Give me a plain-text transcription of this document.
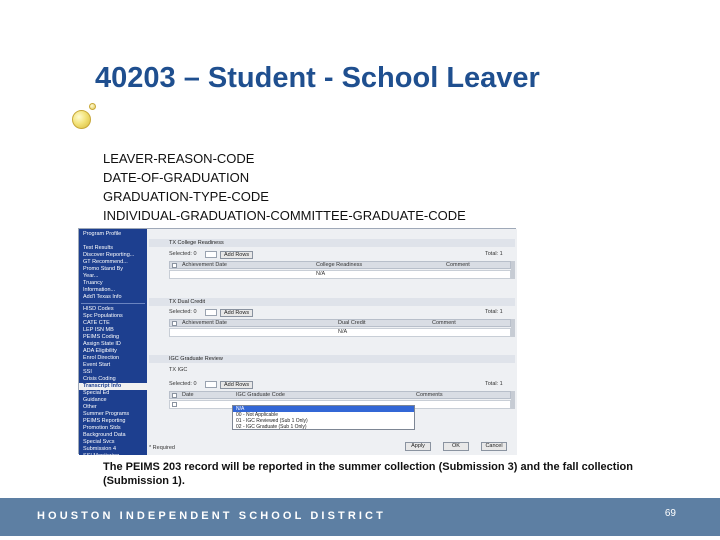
40203 – Student - School Leaver
LEAVER-REASON-CODE
DATE-OF-GRADUATION
GRADUATION-TYPE-CODE
INDIVIDUAL-GRADUATION-COMMITTEE-GRADUATE-CODE
Program Profile
Test Results
Discover Reporting...
GT Recommend...
Promo Stand By
Year...
Truancy
Information...
Add'l Texas Info
HISD Codes
Spc Populations
CATE CTE
LEP ISN MB
PEIMS Coding
Assign State ID
ADA Eligibility
Enrol Direction
Event Start
SSI
Crisis Coding
Transcript Info
Special Ed
Guidance
Other
Summer Programs
PEIMS Reporting
Promotion Stds
Background Data
Special Svcs
Submission 4
SSI Monitoring
TX College Readiness
Selected: 0	Add Rows	Total: 1
Achievement Date	College Readiness	Comment
N/A
TX Dual Credit
Selected: 0	Add Rows	Total: 1
Achievement Date	Dual Credit	Comment
N/A
IGC Graduate Review
TX IGC
Selected: 0	Add Rows	Total: 1
Date	IGC Graduate Code	Comments
* Required	Apply	OK	Cancel
N/A
00 - Not Applicable
01 - IGC Reviewed (Sub 1 Only)
02 - IGC Graduate (Sub 1 Only)
The PEIMS 203 record will be reported in the summer collection (Submission 3) and the fall collection (Submission 1).
HOUSTON INDEPENDENT SCHOOL DISTRICT	69
